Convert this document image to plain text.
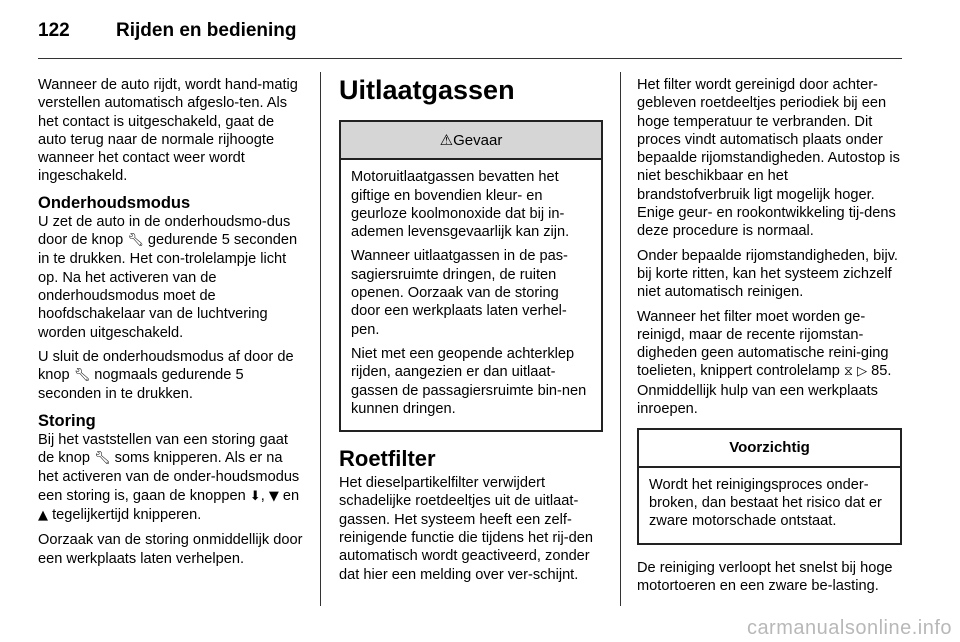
122 Rijden en bediening

Wanneer de auto rijdt, wordt hand-matig verstellen automatisch afgeslo-ten. Als het contact is uitgeschakeld, gaat de auto terug naar de normale rijhoogte wanneer het contact weer wordt ingeschakeld.

Onderhoudsmodus

U zet de auto in de onderhoudsmo-dus door de knop 🔧︎ gedurende 5 seconden in te drukken. Het con-trolelampje licht op. Na het activeren van de onderhoudsmodus moet de hoofdschakelaar van de luchtvering worden uitgeschakeld.

U sluit de onderhoudsmodus af door de knop 🔧︎ nogmaals gedurende 5 seconden in te drukken.

Storing

Bij het vaststellen van een storing gaat de knop 🔧︎ soms knipperen. Als er na het activeren van de onder-houdsmodus een storing is, gaan de knoppen ⬇, ▼ en ▲ tegelijkertijd knipperen.

Oorzaak van de storing onmiddellijk door een werkplaats laten verhelpen.

Uitlaatgassen
⚠Gevaar

Motoruitlaatgassen bevatten het giftige en bovendien kleur- en geurloze koolmonoxide dat bij in-ademen levensgevaarlijk kan zijn.

Wanneer uitlaatgassen in de pas-sagiersruimte dringen, de ruiten openen. Oorzaak van de storing door een werkplaats laten verhel-pen.

Niet met een geopende achterklep rijden, aangezien er dan uitlaat-gassen de passagiersruimte bin-nen kunnen dringen.

Roetfilter

Het dieselpartikelfilter verwijdert schadelijke roetdeeltjes uit de uitlaat-gassen. Het systeem heeft een zelf-reinigende functie die tijdens het rij-den automatisch wordt geactiveerd, zonder dat hier een melding over ver-schijnt.

Het filter wordt gereinigd door achter-gebleven roetdeeltjes periodiek bij een hoge temperatuur te verbranden. Dit proces vindt automatisch plaats onder bepaalde rijomstandigheden. Autostop is niet beschikbaar en het brandstofverbruik ligt mogelijk hoger. Enige geur- en rookontwikkeling tij-dens deze procedure is normaal.

Onder bepaalde rijomstandigheden, bijv. bij korte ritten, kan het systeem zichzelf niet automatisch reinigen.

Wanneer het filter moet worden ge-reinigd, maar de recente rijomstan-digheden geen automatische reini-ging toelieten, knippert controlelamp ⧖ ▷ 85. Onmiddellijk hulp van een werkplaats inroepen.

Voorzichtig

Wordt het reinigingsproces onder-broken, dan bestaat het risico dat er zware motorschade ontstaat.

De reiniging verloopt het snelst bij hoge motortoeren en een zware be-lasting.

carmanualsonline.info
